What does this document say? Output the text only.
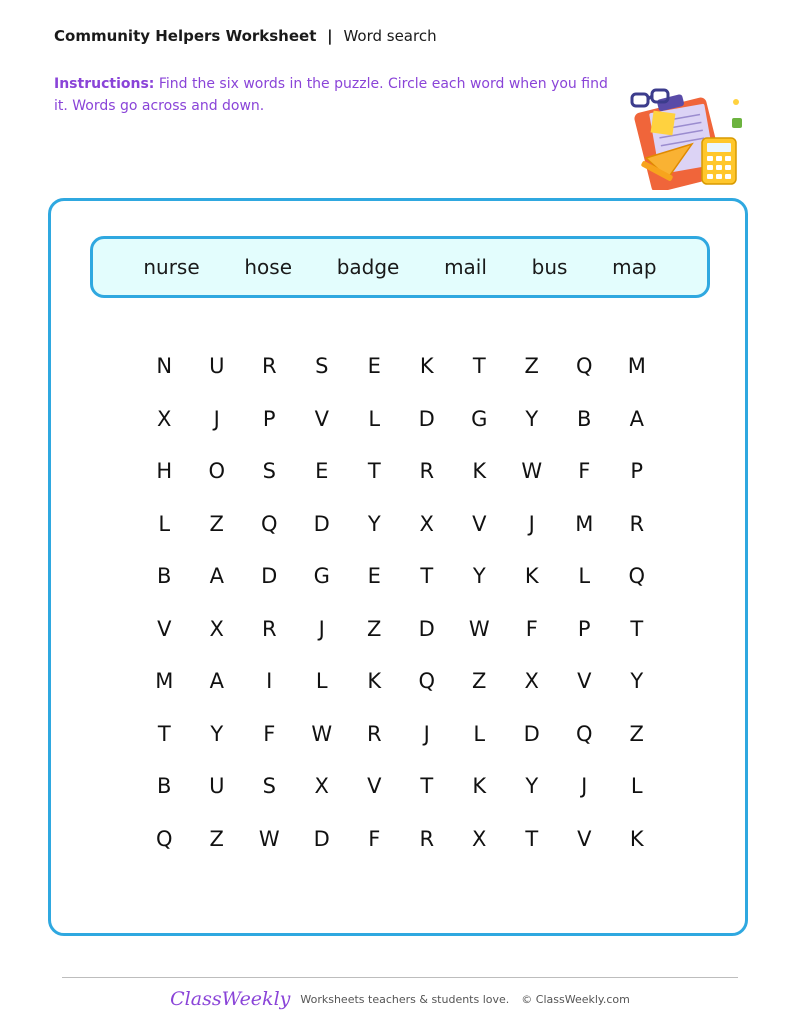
Community Helpers Worksheet | Word search
Instructions: Find the six words in the puzzle. Circle each word when you find it. Words go across and down.
nurse hose badge mail bus map
N	U	R	S	E	K	T	Z	Q	M
X	J	P	V	L	D	G	Y	B	A
H	O	S	E	T	R	K	W	F	P
L	Z	Q	D	Y	X	V	J	M	R
B	A	D	G	E	T	Y	K	L	Q
V	X	R	J	Z	D	W	F	P	T
M	A	I	L	K	Q	Z	X	V	Y
T	Y	F	W	R	J	L	D	Q	Z
B	U	S	X	V	T	K	Y	J	L
Q	Z	W	D	F	R	X	T	V	K
ClassWeekly Worksheets teachers & students love. © ClassWeekly.com
